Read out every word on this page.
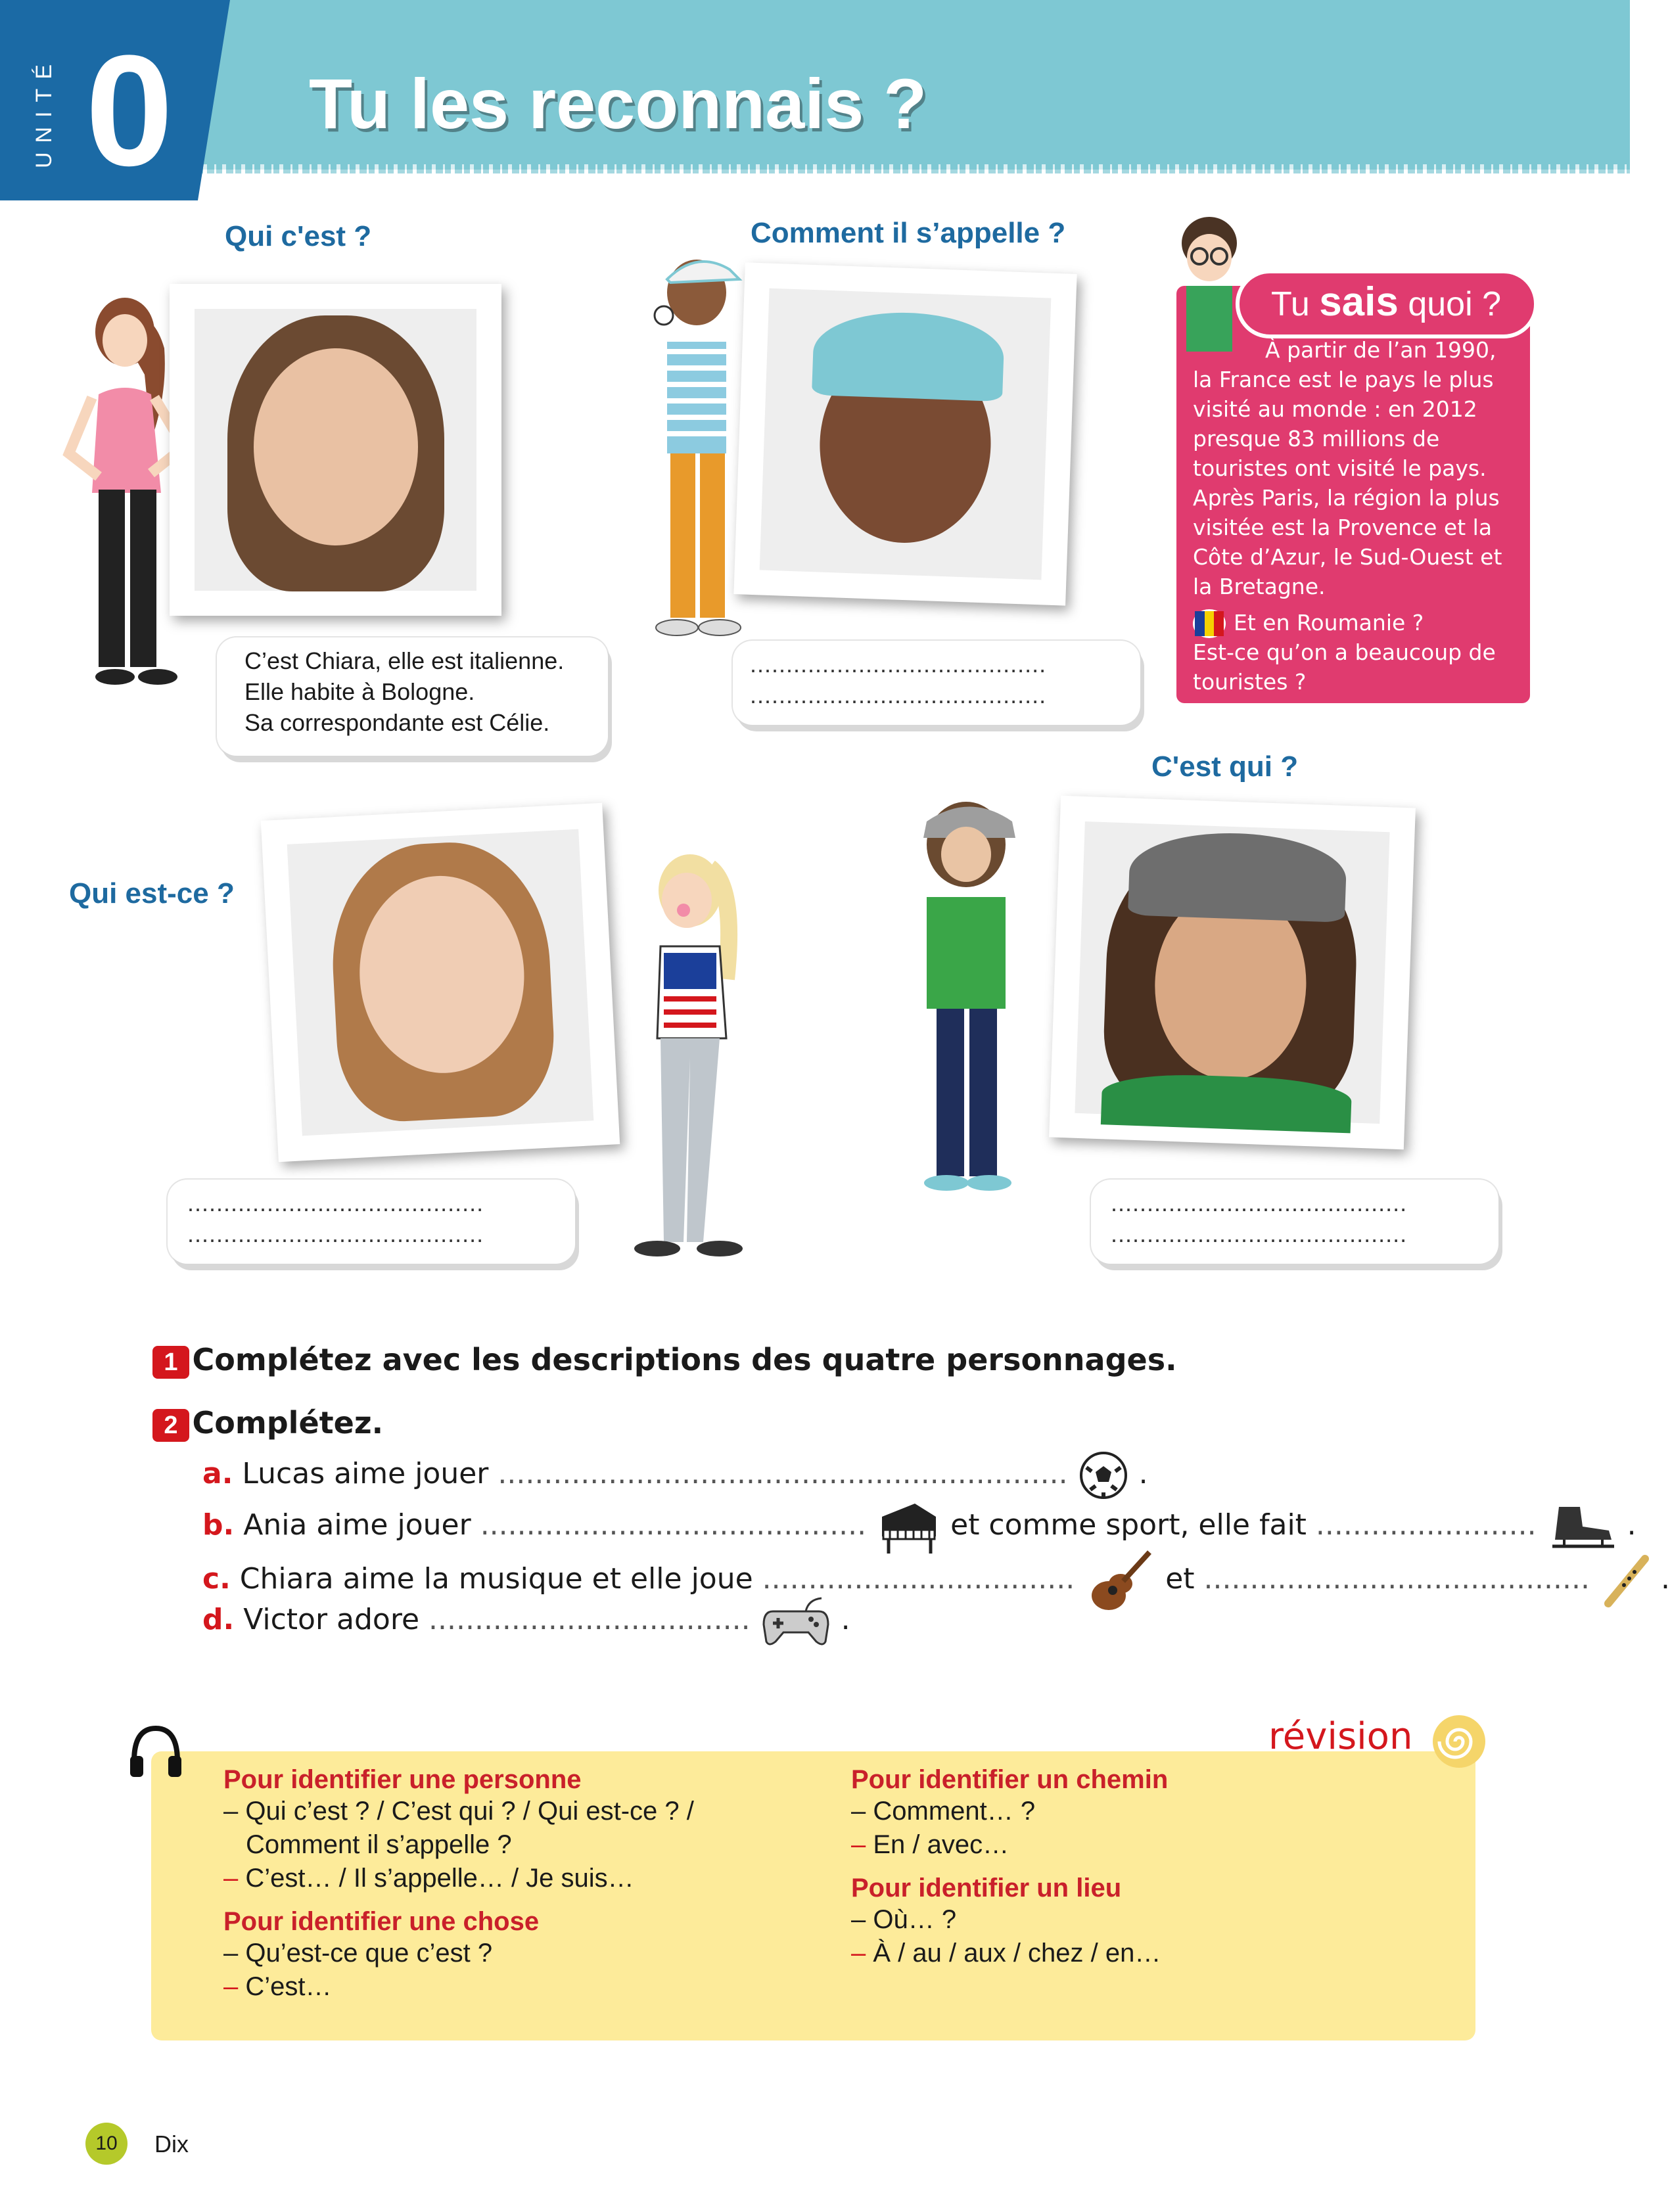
UNITÉ 0 Tu les reconnais ?
Qui c'est ?	Comment il s’appelle ?
Qui est-ce ?
C'est qui ?
C’est Chiara, elle est italienne.
Elle habite à Bologne.
Sa correspondante est Célie.
.........................................
.........................................
Tu sais quoi ?
À partir de l’an 1990, la France est le pays le plus visité au monde : en 2012 presque 83 millions de touristes ont visité le pays. Après Paris, la région la plus visitée est la Provence et la Côte d’Azur, le Sud-Ouest et la Bretagne.
Et en Roumanie ?
Est-ce qu’on a beaucoup de touristes ?
.........................................
.........................................
.........................................
.........................................
1 Complétez avec les descriptions des quatre personnages.
2 Complétez.
a. Lucas aime jouer .............................................................. .
b. Ania aime jouer ..........................................	et comme sport, elle fait ........................	.
c. Chiara aime la musique et elle joue ..................................	et .......................................... .
d. Victor adore ...................................	.
révision
Pour identifier une personne
– Qui c’est ? / C’est qui ? / Qui est-ce ? /
Comment il s’appelle ?
– C’est… / Il s’appelle… / Je suis…
Pour identifier une chose
– Qu’est-ce que c’est ?
– C’est…
Pour identifier un chemin
– Comment… ?
– En / avec…
Pour identifier un lieu
– Où… ?
– À / au / aux / chez / en…
10	Dix
